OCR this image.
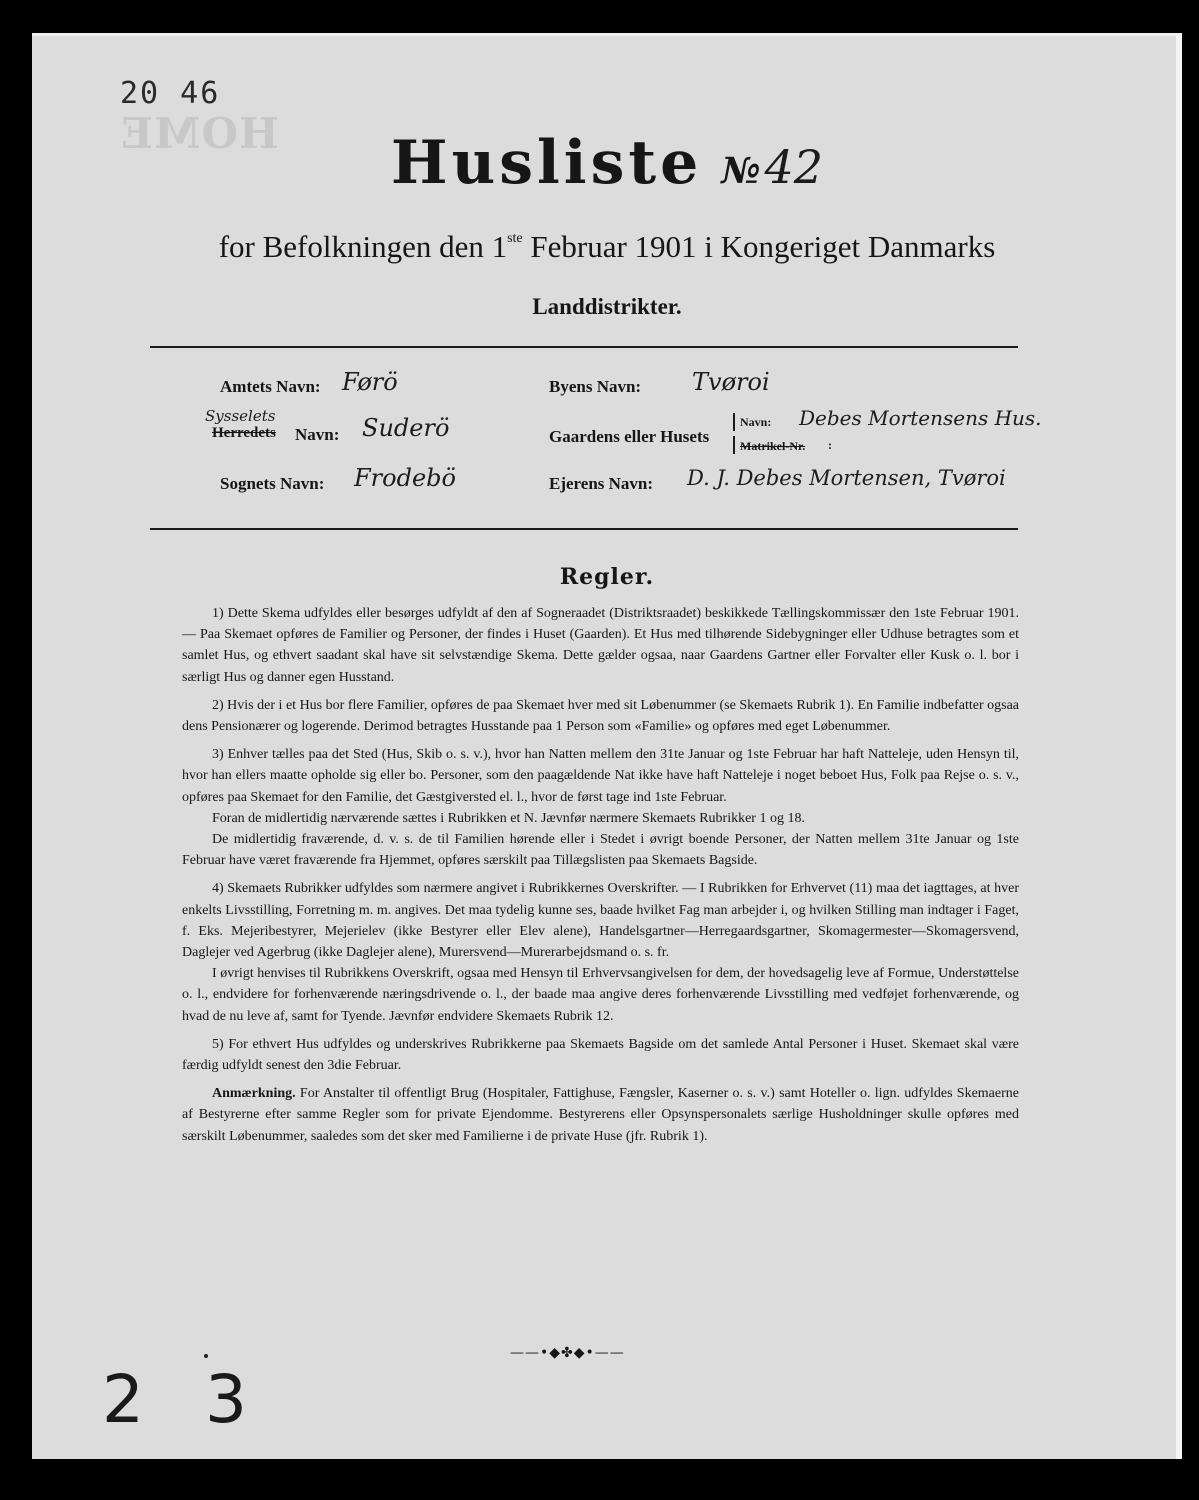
20 46
HOME	Husliste №42
for Befolkningen den 1ste Februar 1901 i Kongeriget Danmarks
Landdistrikter.
Amtets Navn: Førö	Byens Navn: Tvøroi
Sysselets
Herredets Navn: Suderö	Gaardens eller Husets
Navn: Debes Mortensens Hus.
Matrikel-Nr. :
Sognets Navn: Frodebö	Ejerens Navn: D. J. Debes Mortensen, Tvøroi
Regler.

1) Dette Skema udfyldes eller besørges udfyldt af den af Sogneraadet (Distriktsraadet) beskikkede Tællingskommissær den 1ste Februar 1901. — Paa Skemaet opføres de Familier og Personer, der findes i Huset (Gaarden). Et Hus med tilhørende Sidebygninger eller Udhuse betragtes som et samlet Hus, og ethvert saadant skal have sit selvstændige Skema. Dette gælder ogsaa, naar Gaardens Gartner eller Forvalter eller Kusk o. l. bor i særligt Hus og danner egen Husstand.

2) Hvis der i et Hus bor flere Familier, opføres de paa Skemaet hver med sit Løbenummer (se Skemaets Rubrik 1). En Familie indbefatter ogsaa dens Pensionærer og logerende. Derimod betragtes Husstande paa 1 Person som «Familie» og opføres med eget Løbenummer.

3) Enhver tælles paa det Sted (Hus, Skib o. s. v.), hvor han Natten mellem den 31te Januar og 1ste Februar har haft Natteleje, uden Hensyn til, hvor han ellers maatte opholde sig eller bo. Personer, som den paagældende Nat ikke have haft Natteleje i noget beboet Hus, Folk paa Rejse o. s. v., opføres paa Skemaet for den Familie, det Gæstgiversted el. l., hvor de først tage ind 1ste Februar.

Foran de midlertidig nærværende sættes i Rubrikken et N. Jævnfør nærmere Skemaets Rubrikker 1 og 18.

De midlertidig fraværende, d. v. s. de til Familien hørende eller i Stedet i øvrigt boende Personer, der Natten mellem 31te Januar og 1ste Februar have været fraværende fra Hjemmet, opføres særskilt paa Tillægslisten paa Skemaets Bagside.

4) Skemaets Rubrikker udfyldes som nærmere angivet i Rubrikkernes Overskrifter. — I Rubrikken for Erhvervet (11) maa det iagttages, at hver enkelts Livsstilling, Forretning m. m. angives. Det maa tydelig kunne ses, baade hvilket Fag man arbejder i, og hvilken Stilling man indtager i Faget, f. Eks. Mejeribestyrer, Mejerielev (ikke Bestyrer eller Elev alene), Handelsgartner—Herregaardsgartner, Skomagermester—Skomagersvend, Daglejer ved Agerbrug (ikke Daglejer alene), Murersvend—Murerarbejdsmand o. s. fr.

I øvrigt henvises til Rubrikkens Overskrift, ogsaa med Hensyn til Erhvervsangivelsen for dem, der hovedsagelig leve af Formue, Understøttelse o. l., endvidere for forhenværende næringsdrivende o. l., der baade maa angive deres forhenværende Livsstilling med vedføjet forhenværende, og hvad de nu leve af, samt for Tyende. Jævnfør endvidere Skemaets Rubrik 12.

5) For ethvert Hus udfyldes og underskrives Rubrikkerne paa Skemaets Bagside om det samlede Antal Personer i Huset. Skemaet skal være færdig udfyldt senest den 3die Februar.

Anmærkning. For Anstalter til offentligt Brug (Hospitaler, Fattighuse, Fængsler, Kaserner o. s. v.) samt Hoteller o. lign. udfyldes Skemaerne af Bestyrerne efter samme Regler som for private Ejendomme. Bestyrerens eller Opsynspersonalets særlige Husholdninger skulle opføres med særskilt Løbenummer, saaledes som det sker med Familierne i de private Huse (jfr. Rubrik 1).

——•◆✤◆•——
2 3
